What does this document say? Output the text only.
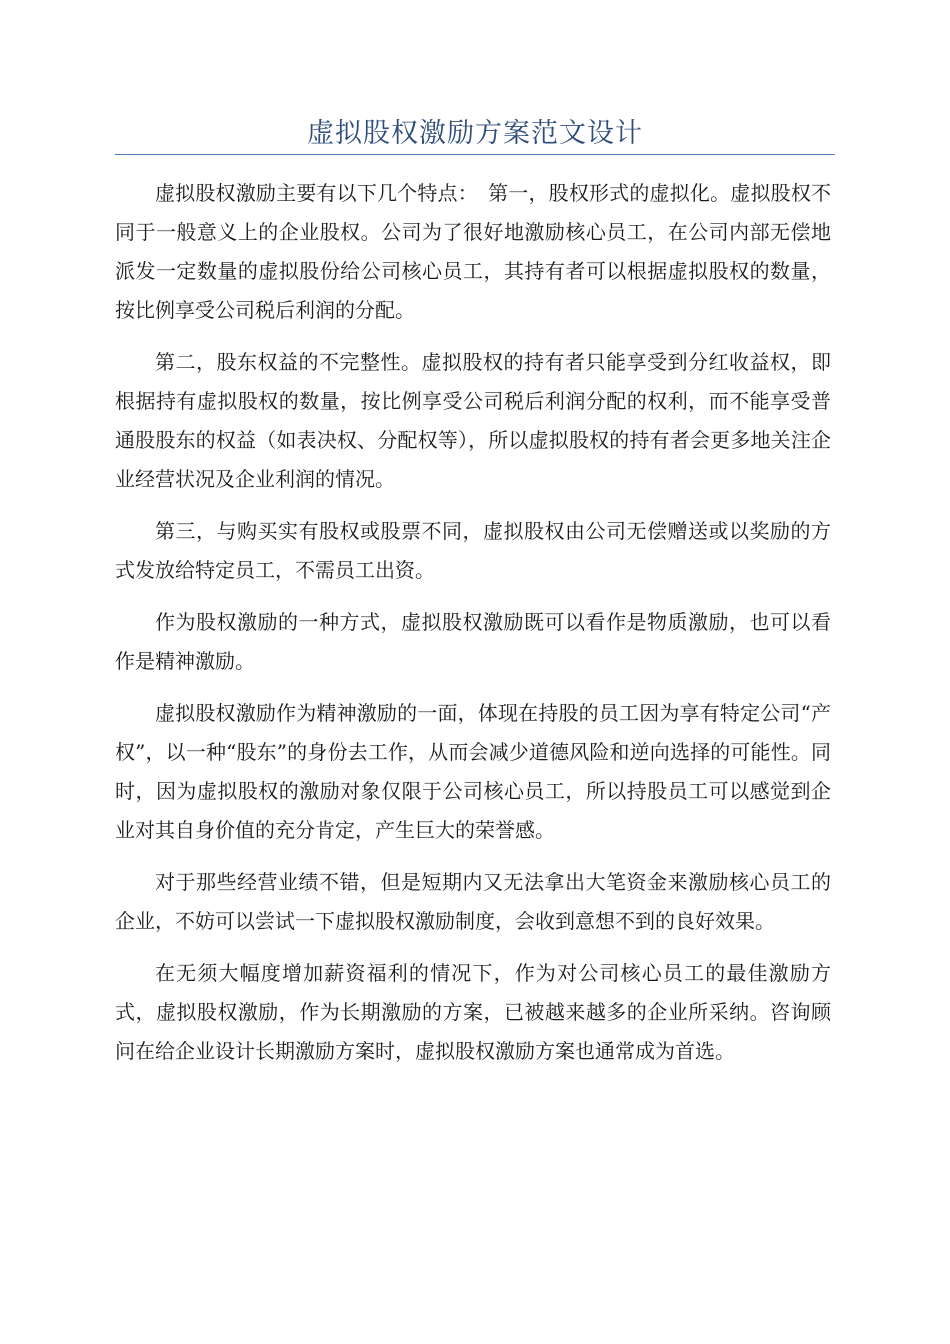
虚拟股权激励方案范文设计

虚拟股权激励主要有以下几个特点：　第一，股权形式的虚拟化。虚拟股权不同于一般意义上的企业股权。公司为了很好地激励核心员工，在公司内部无偿地派发一定数量的虚拟股份给公司核心员工，其持有者可以根据虚拟股权的数量，按比例享受公司税后利润的分配。

第二，股东权益的不完整性。虚拟股权的持有者只能享受到分红收益权，即根据持有虚拟股权的数量，按比例享受公司税后利润分配的权利，而不能享受普通股股东的权益（如表决权、分配权等），所以虚拟股权的持有者会更多地关注企业经营状况及企业利润的情况。

第三，与购买实有股权或股票不同，虚拟股权由公司无偿赠送或以奖励的方式发放给特定员工，不需员工出资。

作为股权激励的一种方式，虚拟股权激励既可以看作是物质激励，也可以看作是精神激励。

虚拟股权激励作为精神激励的一面，体现在持股的员工因为享有特定公司“产权”，以一种“股东”的身份去工作，从而会减少道德风险和逆向选择的可能性。同时，因为虚拟股权的激励对象仅限于公司核心员工，所以持股员工可以感觉到企业对其自身价值的充分肯定，产生巨大的荣誉感。

对于那些经营业绩不错，但是短期内又无法拿出大笔资金来激励核心员工的企业，不妨可以尝试一下虚拟股权激励制度，会收到意想不到的良好效果。

在无须大幅度增加薪资福利的情况下，作为对公司核心员工的最佳激励方式，虚拟股权激励，作为长期激励的方案，已被越来越多的企业所采纳。咨询顾问在给企业设计长期激励方案时，虚拟股权激励方案也通常成为首选。
